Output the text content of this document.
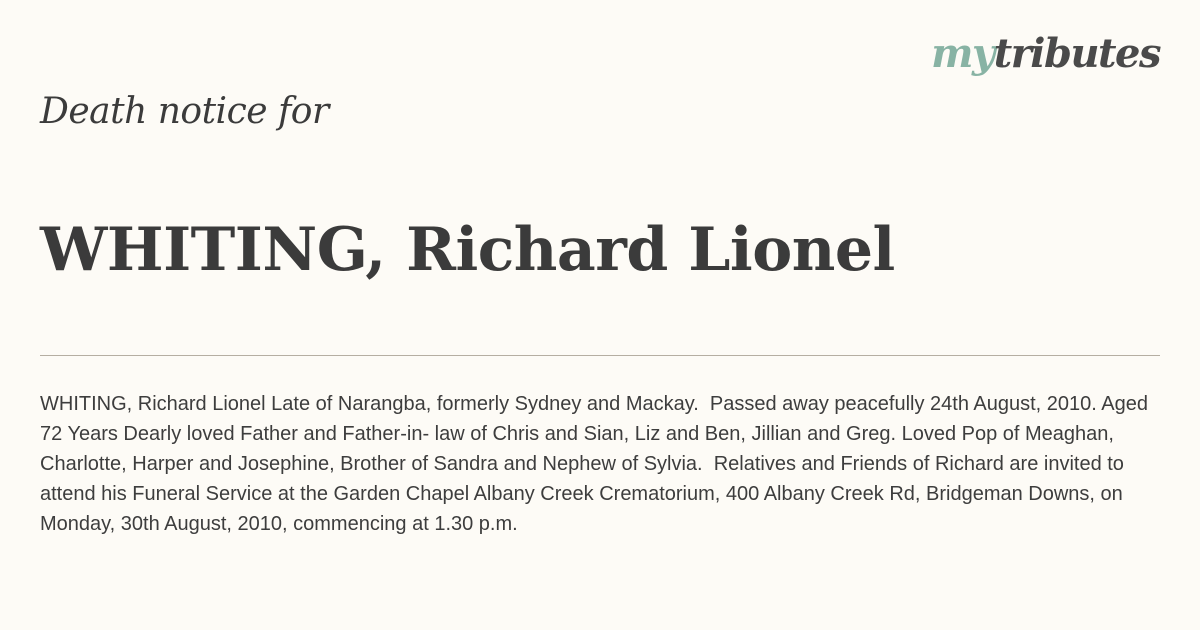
mytributes
Death notice for
WHITING, Richard Lionel
WHITING, Richard Lionel Late of Narangba, formerly Sydney and Mackay.  Passed away peacefully 24th August, 2010. Aged 72 Years Dearly loved Father and Father-in- law of Chris and Sian, Liz and Ben, Jillian and Greg. Loved Pop of Meaghan, Charlotte, Harper and Josephine, Brother of Sandra and Nephew of Sylvia.  Relatives and Friends of Richard are invited to attend his Funeral Service at the Garden Chapel Albany Creek Crematorium, 400 Albany Creek Rd, Bridgeman Downs, on Monday, 30th August, 2010, commencing at 1.30 p.m.
